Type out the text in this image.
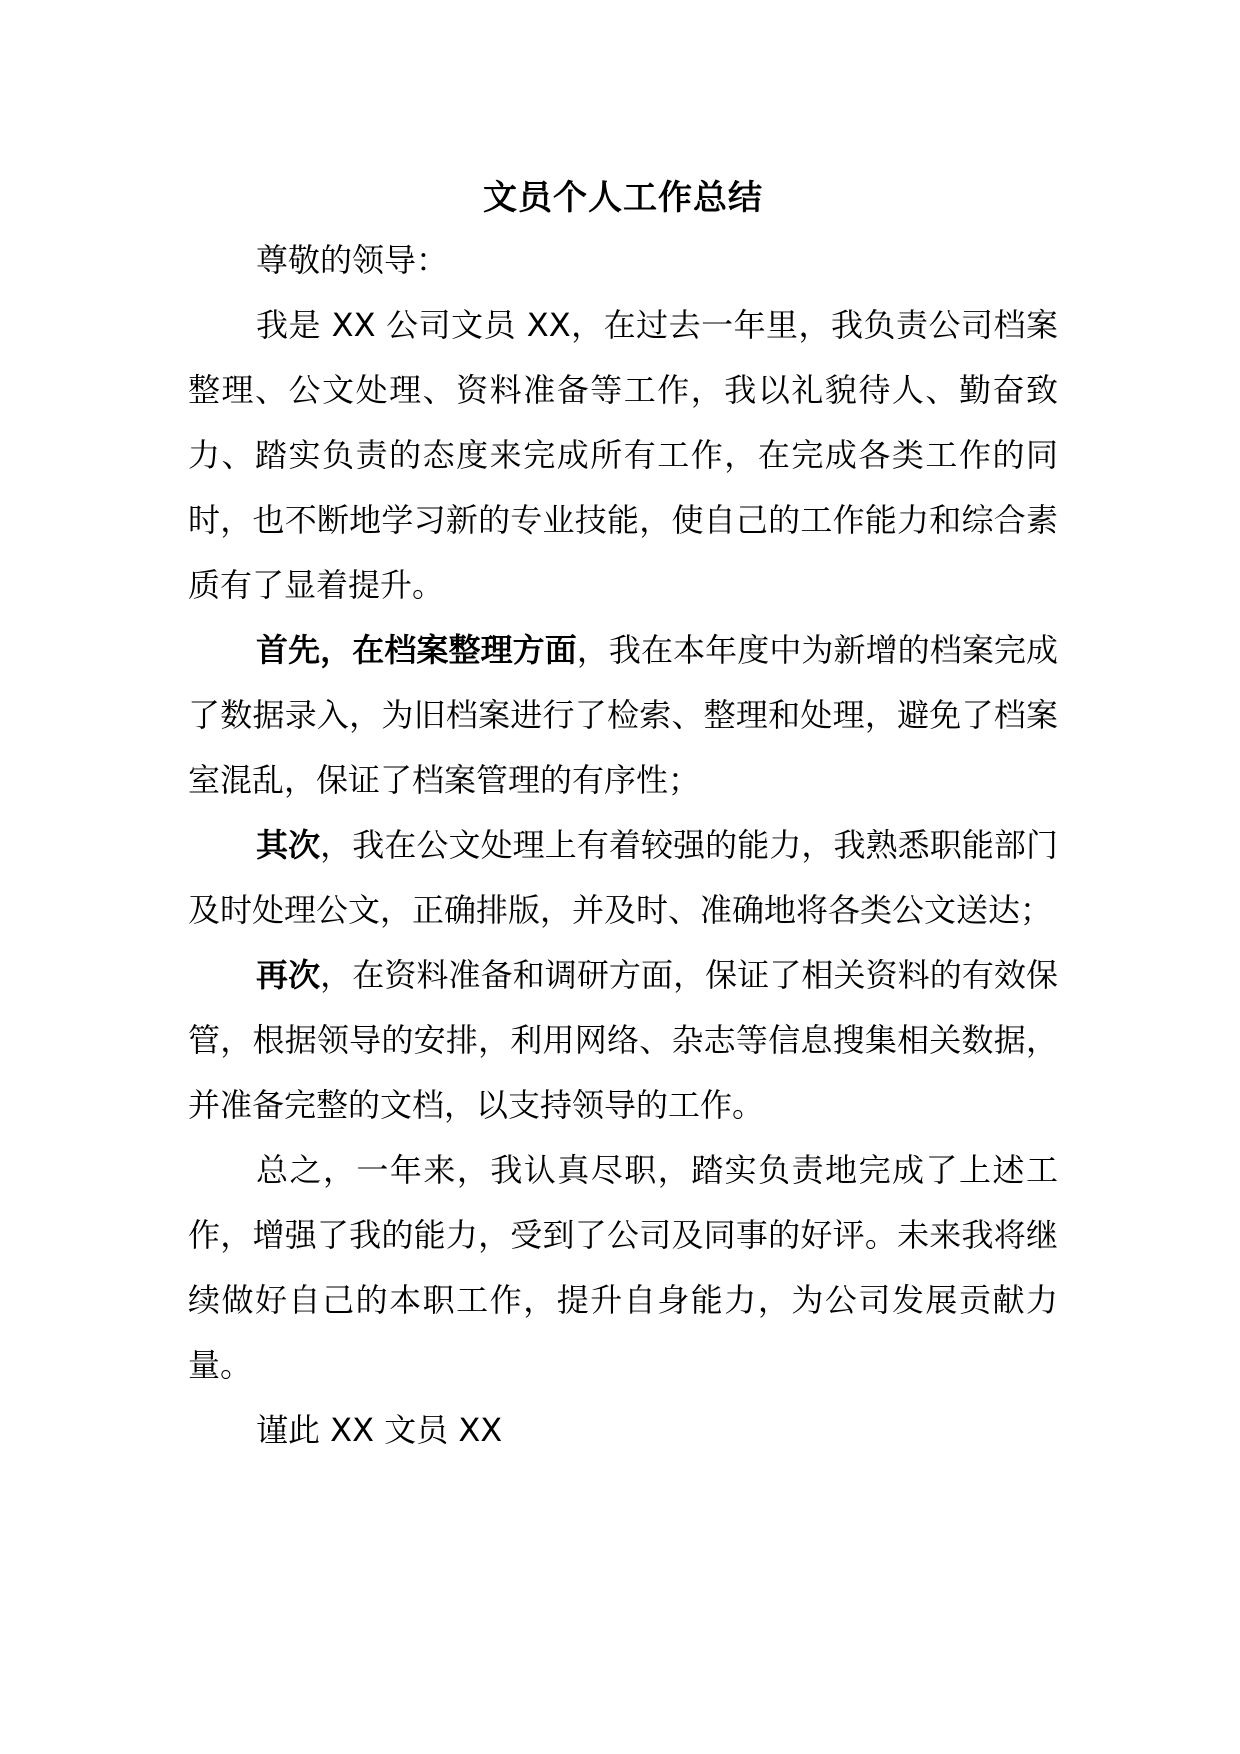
文员个人工作总结

尊敬的领导：

我是 XX 公司文员 XX，在过去一年里，我负责公司档案整理、公文处理、资料准备等工作，我以礼貌待人、勤奋致力、踏实负责的态度来完成所有工作，在完成各类工作的同时，也不断地学习新的专业技能，使自己的工作能力和综合素质有了显着提升。

首先，在档案整理方面，我在本年度中为新增的档案完成了数据录入，为旧档案进行了检索、整理和处理，避免了档案室混乱，保证了档案管理的有序性；

其次，我在公文处理上有着较强的能力，我熟悉职能部门及时处理公文，正确排版，并及时、准确地将各类公文送达；

再次，在资料准备和调研方面，保证了相关资料的有效保管，根据领导的安排，利用网络、杂志等信息搜集相关数据，并准备完整的文档，以支持领导的工作。

总之，一年来，我认真尽职，踏实负责地完成了上述工作，增强了我的能力，受到了公司及同事的好评。未来我将继续做好自己的本职工作，提升自身能力，为公司发展贡献力量。

谨此 XX 文员 XX
